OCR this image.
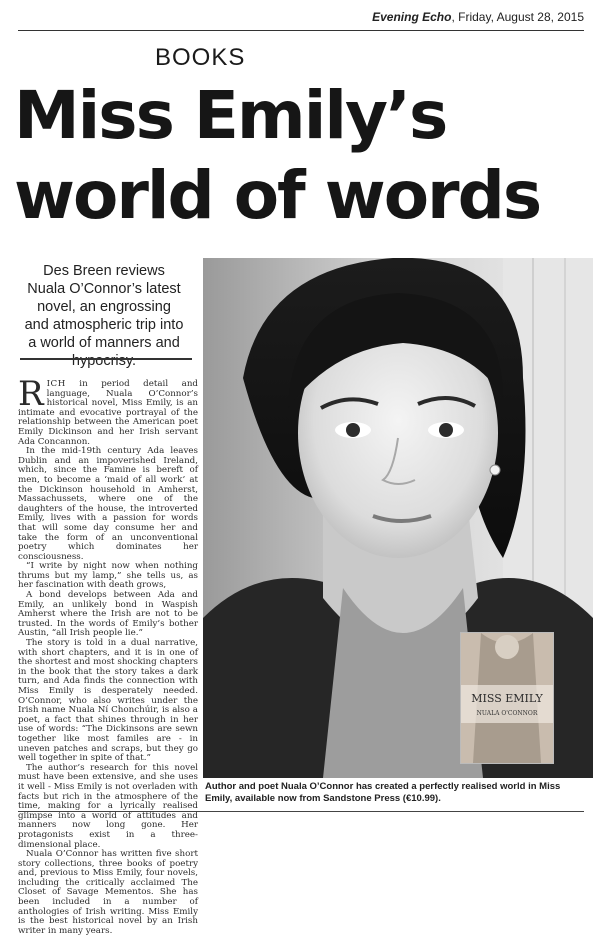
Evening Echo, Friday, August 28, 2015
BOOKS
Miss Emily’s
world of words
Des Breen reviews Nuala O’Connor’s latest novel, an engrossing and atmospheric trip into a world of manners and hypocrisy.

RICH in period detail and language, Nuala O’Connor’s historical novel, Miss Emily, is an intimate and evocative portrayal of the relationship between the American poet Emily Dickinson and her Irish servant Ada Concannon.

In the mid-19th century Ada leaves Dublin and an impoverished Ireland, which, since the Famine is bereft of men, to become a ‘maid of all work’ at the Dickinson household in Amherst, Massachussets, where one of the daughters of the house, the introverted Emily, lives with a passion for words that will some day consume her and take the form of an unconventional poetry which dominates her consciousness.

“I write by night now when nothing thrums but my lamp,” she tells us, as her fascination with death grows,

A bond develops between Ada and Emily, an unlikely bond in Waspish Amherst where the Irish are not to be trusted. In the words of Emily’s bother Austin, “all Irish people lie.”

The story is told in a dual narrative, with short chapters, and it is in one of the shortest and most shocking chapters in the book that the story takes a dark turn, and Ada finds the connection with Miss Emily is desperately needed. O’Connor, who also writes under the Irish name Nuala Ní Chonchúir, is also a poet, a fact that shines through in her use of words: “The Dickinsons are sewn together like most familes are - in uneven patches and scraps, but they go well together in spite of that.”

The author’s research for this novel must have been extensive, and she uses it well - Miss Emily is not overladen with facts but rich in the atmosphere of the time, making for a lyrically realised glimpse into a world of attitudes and manners now long gone. Her protagonists exist in a three-dimensional place.

Nuala O’Connor has written five short story collections, three books of poetry and, previous to Miss Emily, four novels, including the critically acclaimed The Closet of Savage Mementos. She has been included in a number of anthologies of Irish writing. Miss Emily is the best historical novel by an Irish writer in many years.

MISS EMILY
NUALA O'CONNOR
Author and poet Nuala O’Connor has created a perfectly realised world in Miss Emily, available now from Sandstone Press (€10.99).
